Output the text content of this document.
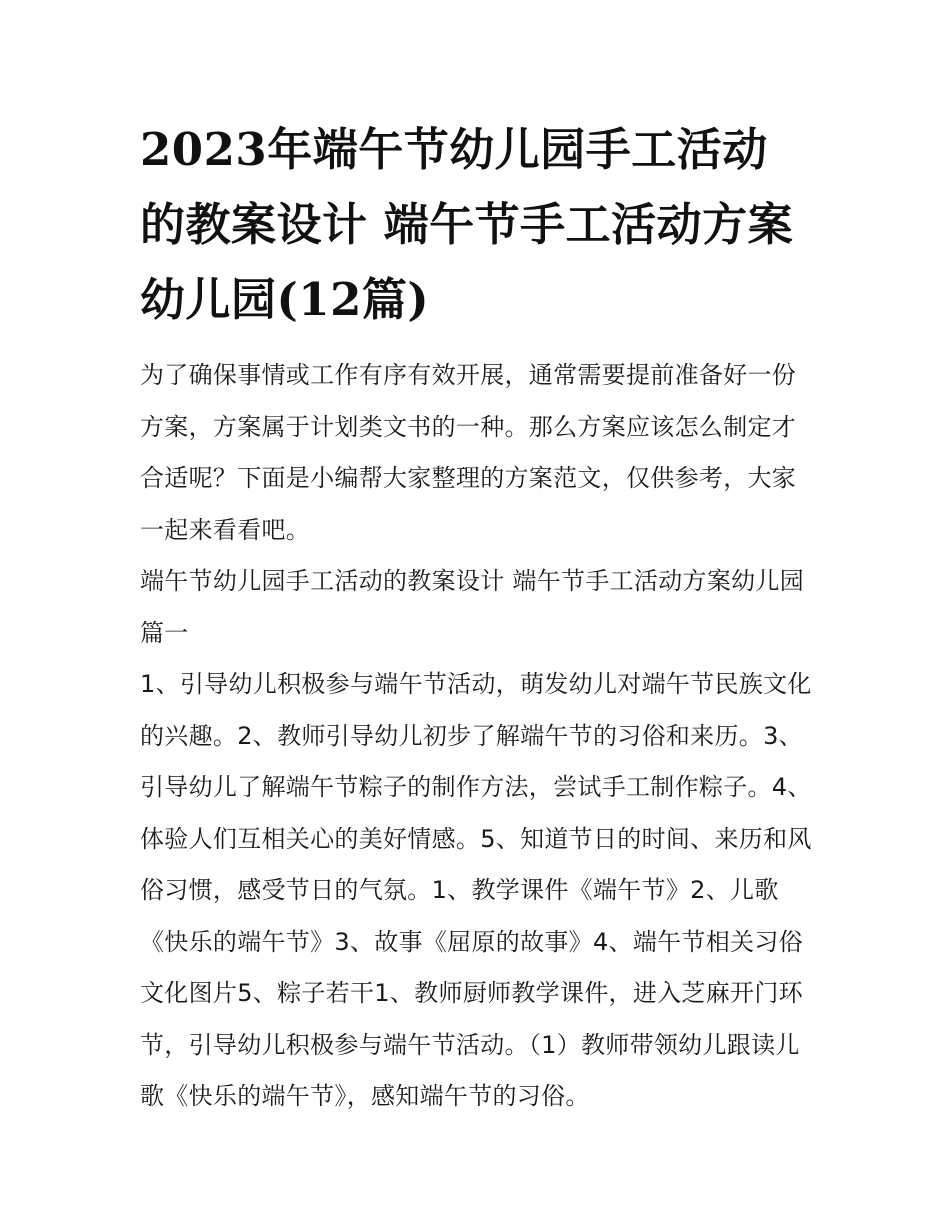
2023年端午节幼儿园手工活动的教案设计 端午节手工活动方案幼儿园(12篇)

为了确保事情或工作有序有效开展，通常需要提前准备好一份方案，方案属于计划类文书的一种。那么方案应该怎么制定才合适呢？下面是小编帮大家整理的方案范文，仅供参考，大家一起来看看吧。

端午节幼儿园手工活动的教案设计 端午节手工活动方案幼儿园篇一

1、引导幼儿积极参与端午节活动，萌发幼儿对端午节民族文化的兴趣。2、教师引导幼儿初步了解端午节的习俗和来历。3、引导幼儿了解端午节粽子的制作方法，尝试手工制作粽子。4、体验人们互相关心的美好情感。5、知道节日的时间、来历和风俗习惯，感受节日的气氛。1、教学课件《端午节》2、儿歌《快乐的端午节》3、故事《屈原的故事》4、端午节相关习俗文化图片5、粽子若干1、教师厨师教学课件，进入芝麻开门环节，引导幼儿积极参与端午节活动。（1）教师带领幼儿跟读儿歌《快乐的端午节》，感知端午节的习俗。
